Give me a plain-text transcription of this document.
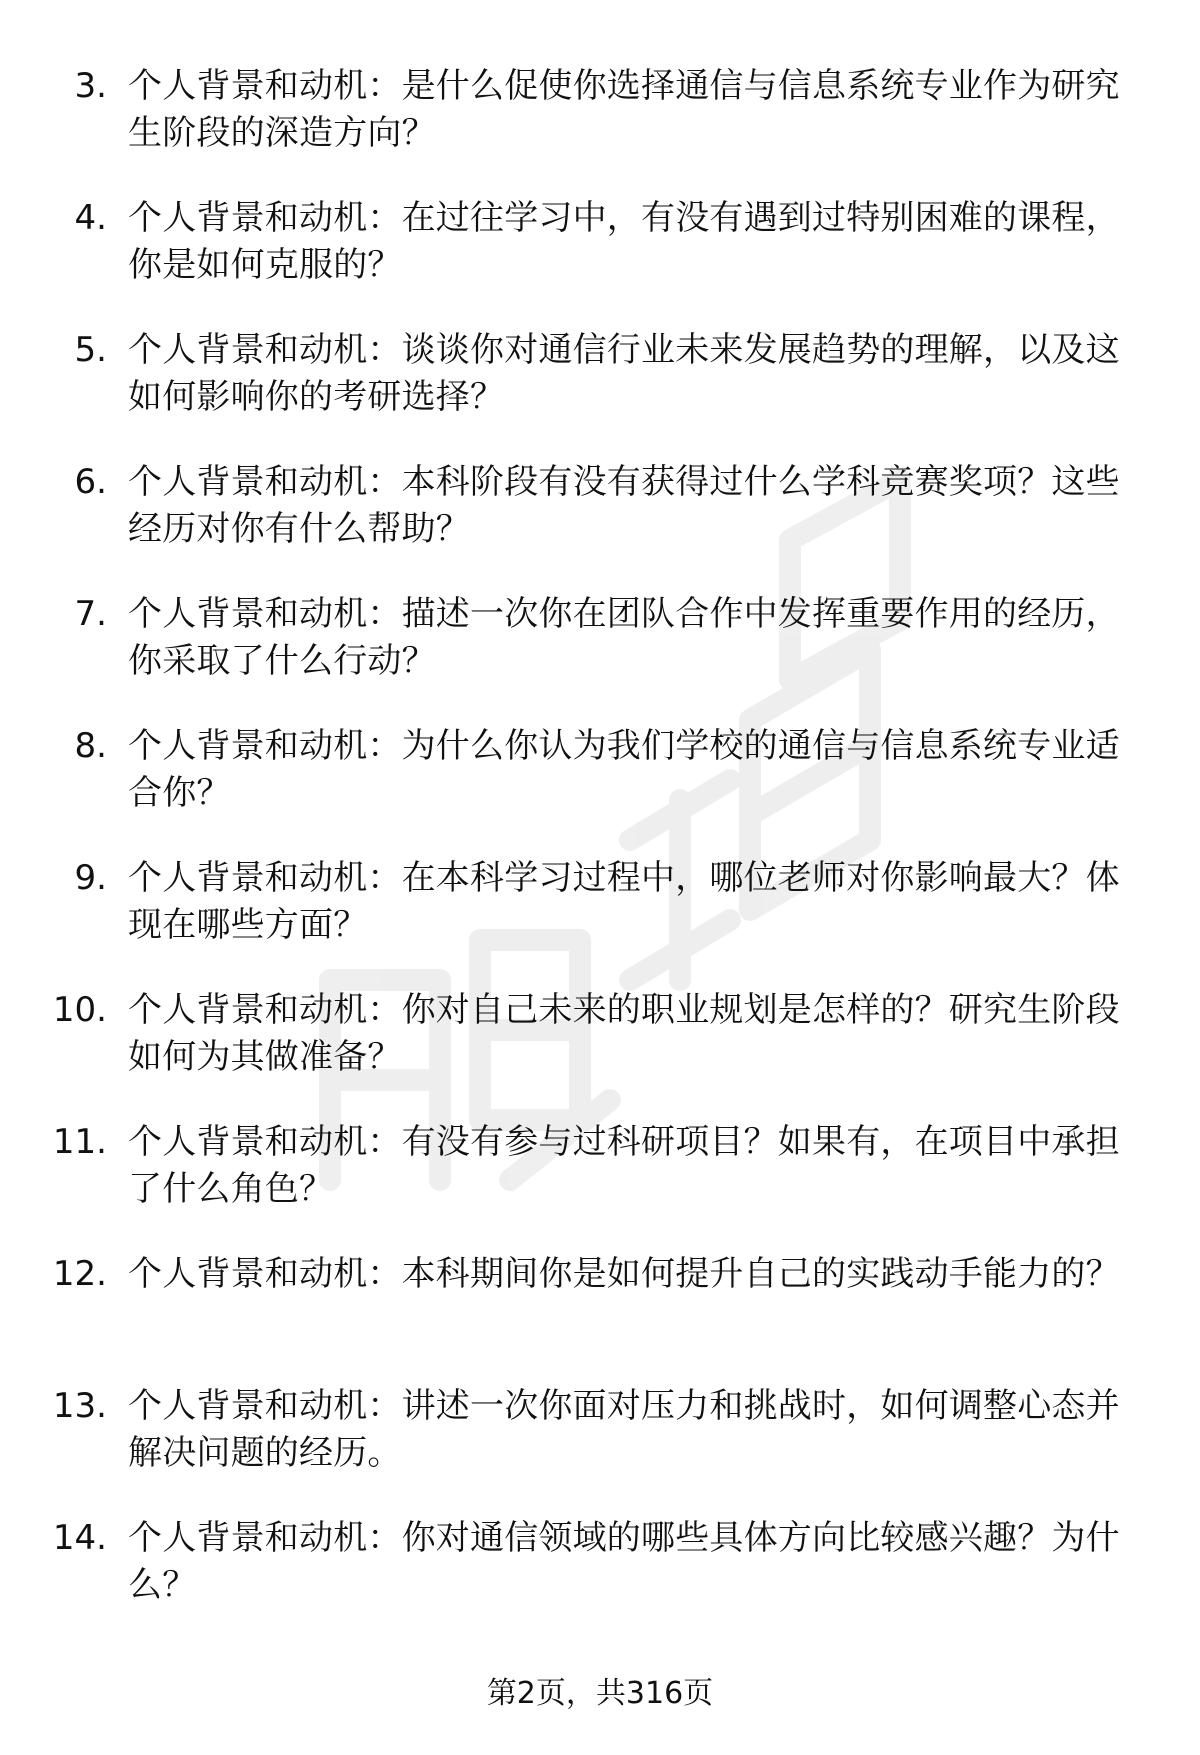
3. 个人背景和动机：是什么促使你选择通信与信息系统专业作为研究生阶段的深造方向？
4. 个人背景和动机：在过往学习中，有没有遇到过特别困难的课程，你是如何克服的？
5. 个人背景和动机：谈谈你对通信行业未来发展趋势的理解，以及这如何影响你的考研选择？
6. 个人背景和动机：本科阶段有没有获得过什么学科竞赛奖项？这些经历对你有什么帮助？
7. 个人背景和动机：描述一次你在团队合作中发挥重要作用的经历，你采取了什么行动？
8. 个人背景和动机：为什么你认为我们学校的通信与信息系统专业适合你？
9. 个人背景和动机：在本科学习过程中，哪位老师对你影响最大？体现在哪些方面？
10. 个人背景和动机：你对自己未来的职业规划是怎样的？研究生阶段如何为其做准备？
11. 个人背景和动机：有没有参与过科研项目？如果有，在项目中承担了什么角色？
12. 个人背景和动机：本科期间你是如何提升自己的实践动手能力的？
13. 个人背景和动机：讲述一次你面对压力和挑战时，如何调整心态并解决问题的经历。
14. 个人背景和动机：你对通信领域的哪些具体方向比较感兴趣？为什么？
第2页，共316页
